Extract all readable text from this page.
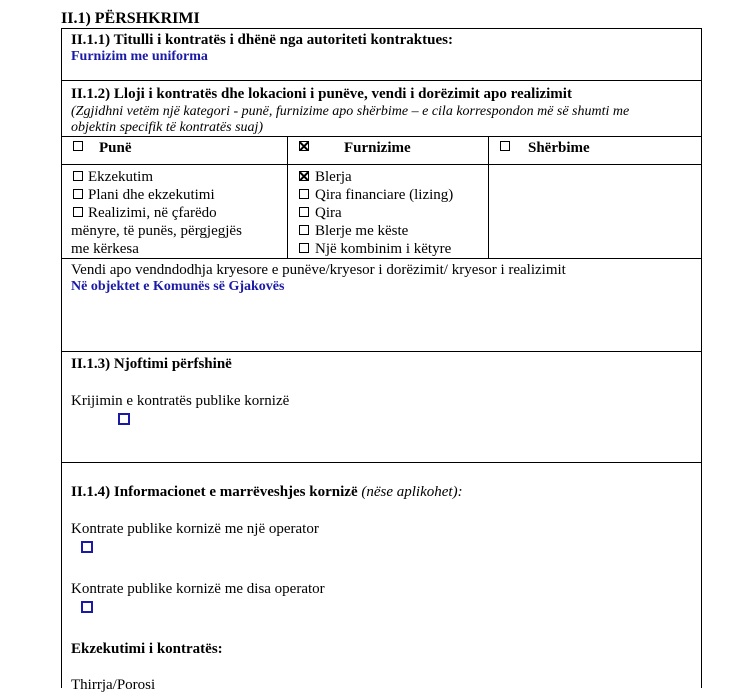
II.1) PËRSHKRIMI
II.1.1) Titulli i kontratës i dhënë nga autoriteti kontraktues:
Furnizim me uniforma
II.1.2) Lloji i kontratës dhe lokacioni i punëve, vendi i dorëzimit apo realizimit
(Zgjidhni vetëm një kategori - punë, furnizime apo shërbime – e cila korrespondon më së shumti me
objektin specifik të kontratës suaj)
Punë	Furnizime	Shërbime
Ekzekutim
Plani dhe ekzekutimi
Realizimi, në çfarëdo
mënyre, të punës, përgjegjës
me kërkesa
Blerja
Qira financiare (lizing)
Qira
Blerje me këste
Një kombinim i këtyre
Vendi apo vendndodhja kryesore e punëve/kryesor i dorëzimit/ kryesor i realizimit
Në objektet e Komunës së Gjakovës
II.1.3) Njoftimi përfshinë
Krijimin e kontratës publike kornizë
II.1.4) Informacionet e marrëveshjes kornizë (nëse aplikohet):
Kontrate publike kornizë me një operator
Kontrate publike kornizë me disa operator
Ekzekutimi i kontratës:
Thirrja/Porosi
